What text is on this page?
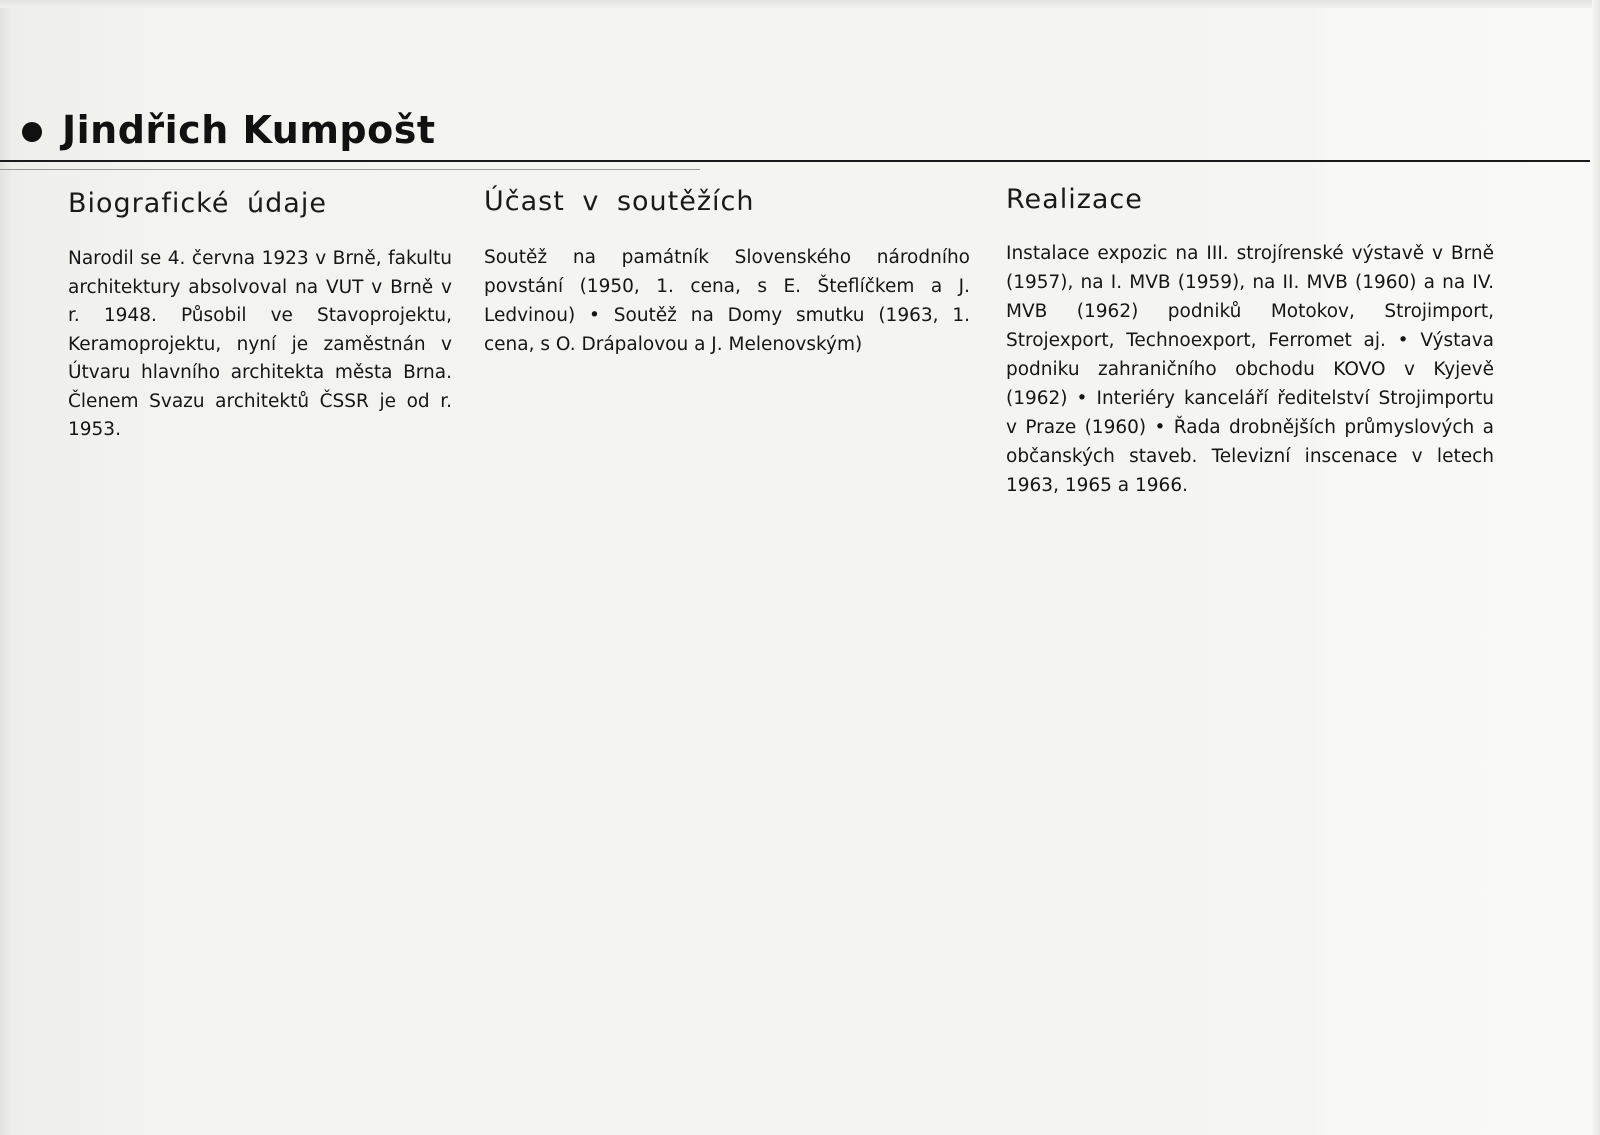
Jindřich Kumpošt
Biografické údaje

Narodil se 4. června 1923 v Brně, fakultu architektury absolvoval na VUT v Brně v r. 1948. Působil ve Stavoprojektu, Keramoprojektu, nyní je zaměstnán v Útvaru hlavního architekta města Brna. Členem Svazu architektů ČSSR je od r. 1953.

Účast v soutěžích

Soutěž na památník Slovenského národního povstání (1950, 1. cena, s E. Šteflíčkem a J. Ledvinou) • Soutěž na Domy smutku (1963, 1. cena, s O. Drápalovou a J. Melenovským)

Realizace

Instalace expozic na III. strojírenské výstavě v Brně (1957), na I. MVB (1959), na II. MVB (1960) a na IV. MVB (1962) podniků Motokov, Strojimport, Strojexport, Technoexport, Ferromet aj. • Výstava podniku zahraničního obchodu KOVO v Kyjevě (1962) • Interiéry kanceláří ředitelství Strojimportu v Praze (1960) • Řada drobnějších průmyslových a občanských staveb. Televizní inscenace v letech 1963, 1965 a 1966.
